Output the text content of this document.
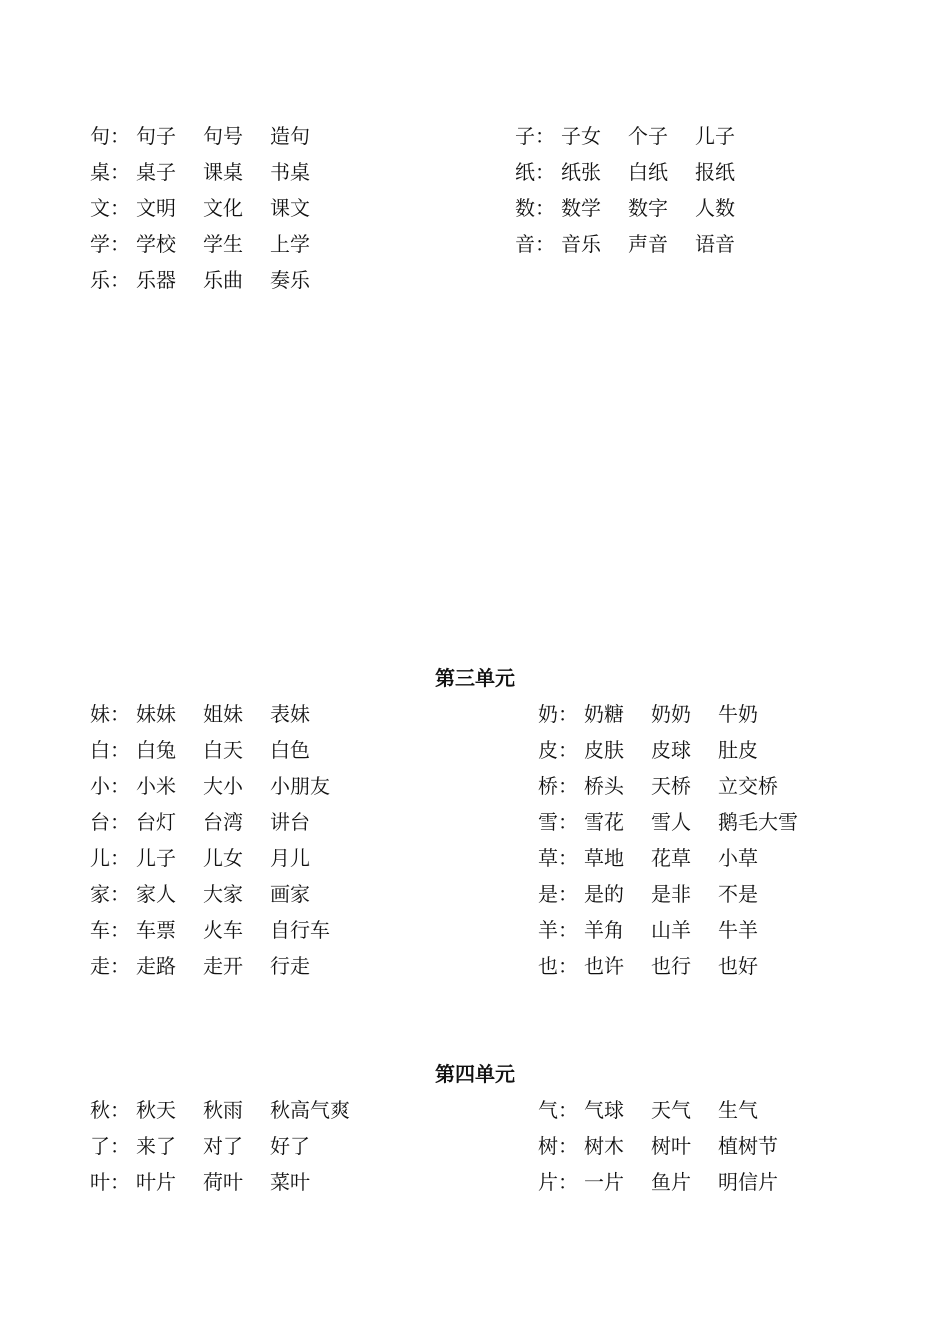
句： 句子 句号 造句
桌： 桌子 课桌 书桌
文： 文明 文化 课文
学： 学校 学生 上学
乐： 乐器 乐曲 奏乐
子： 子女 个子 儿子
纸： 纸张 白纸 报纸
数： 数学 数字 人数
音： 音乐 声音 语音
第三单元
妹： 妹妹 姐妹 表妹
白： 白兔 白天 白色
小： 小米 大小 小朋友
台： 台灯 台湾 讲台
儿： 儿子 儿女 月儿
家： 家人 大家 画家
车： 车票 火车 自行车
走： 走路 走开 行走
奶： 奶糖 奶奶 牛奶
皮： 皮肤 皮球 肚皮
桥： 桥头 天桥 立交桥
雪： 雪花 雪人 鹅毛大雪
草： 草地 花草 小草
是： 是的 是非 不是
羊： 羊角 山羊 牛羊
也： 也许 也行 也好
第四单元
秋： 秋天 秋雨 秋高气爽
了： 来了 对了 好了
叶： 叶片 荷叶 菜叶
气： 气球 天气 生气
树： 树木 树叶 植树节
片： 一片 鱼片 明信片
